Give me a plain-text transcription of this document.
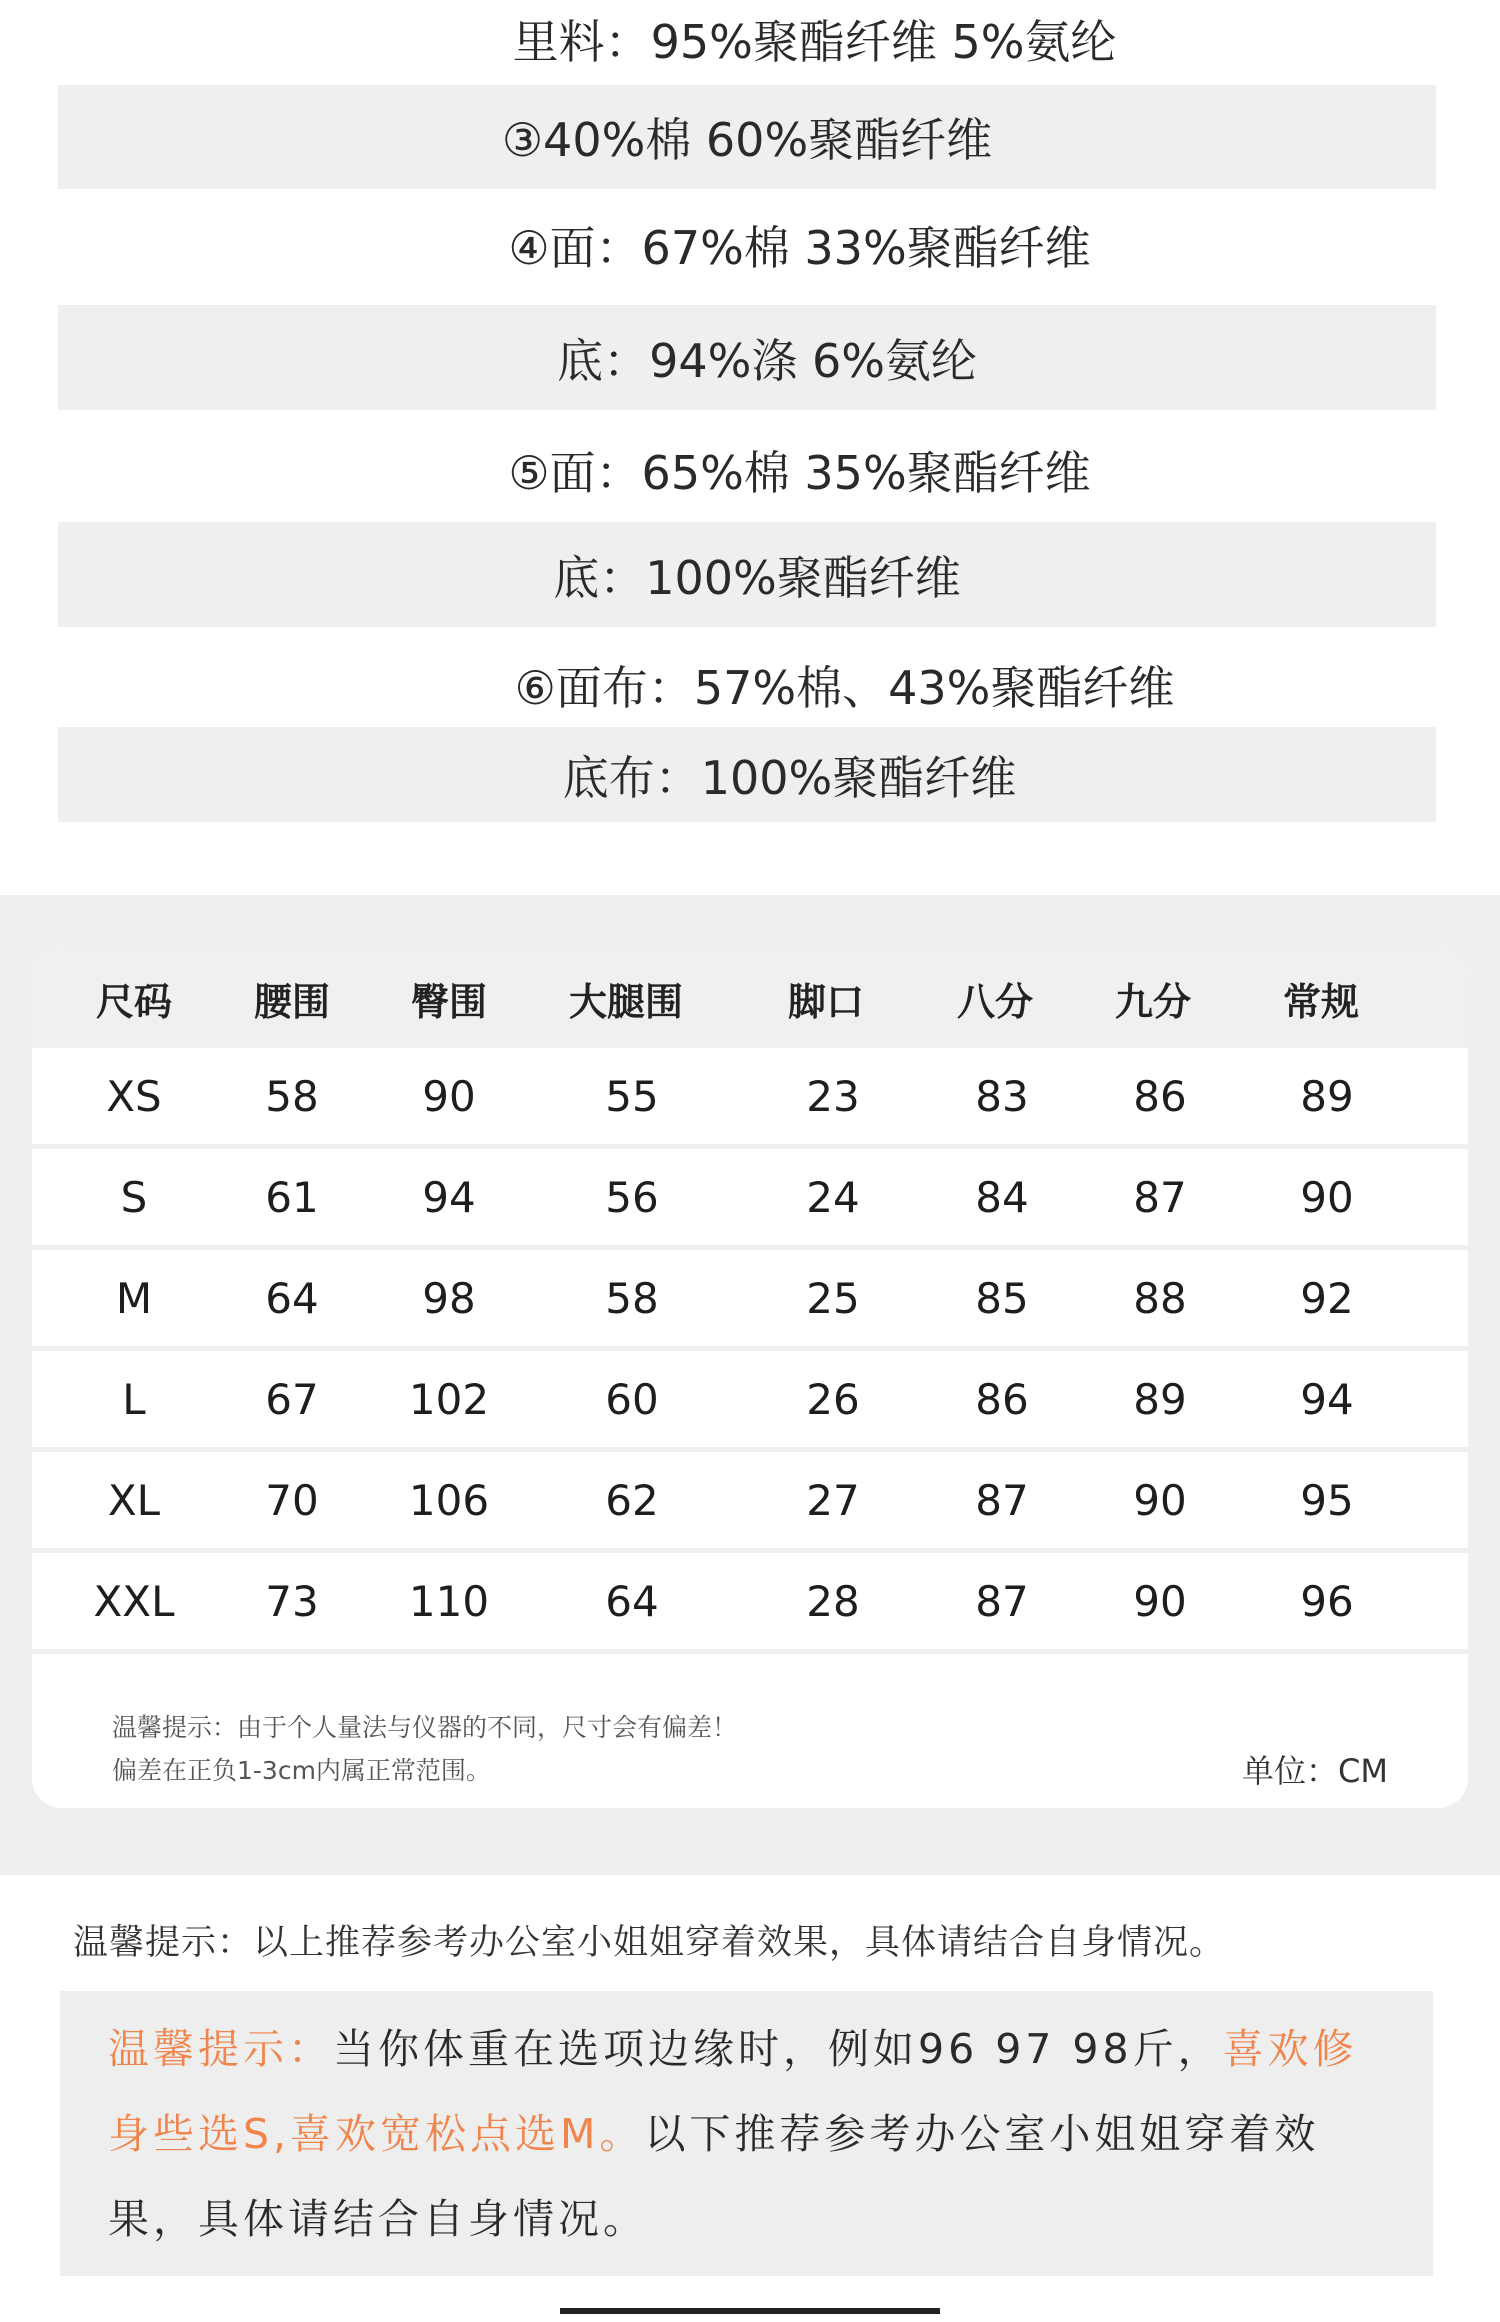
里料：95%聚酯纤维 5%氨纶
③40%棉 60%聚酯纤维
④面：67%棉 33%聚酯纤维
底：94%涤 6%氨纶
⑤面：65%棉 35%聚酯纤维
底：100%聚酯纤维
⑥面布：57%棉、43%聚酯纤维
底布：100%聚酯纤维
尺码 腰围 臀围 大腿围	脚口 八分 九分 常规
XS 58 90	55	23	83 86	89
S	61 94	56	24	84 87	90
M	64 98	58	25	85 88	92
L	67 102	60	26	86 89	94
XL	70 106	62	27	87 90	95
XXL 73 110	64	28	87 90	96
温馨提示：由于个人量法与仪器的不同，尺寸会有偏差！
偏差在正负1-3cm内属正常范围。	单位：CM
温馨提示：以上推荐参考办公室小姐姐穿着效果，具体请结合自身情况。
温馨提示：当你体重在选项边缘时，例如96 97 98斤，喜欢修
身些选S,喜欢宽松点选M。以下推荐参考办公室小姐姐穿着效
果，具体请结合自身情况。
